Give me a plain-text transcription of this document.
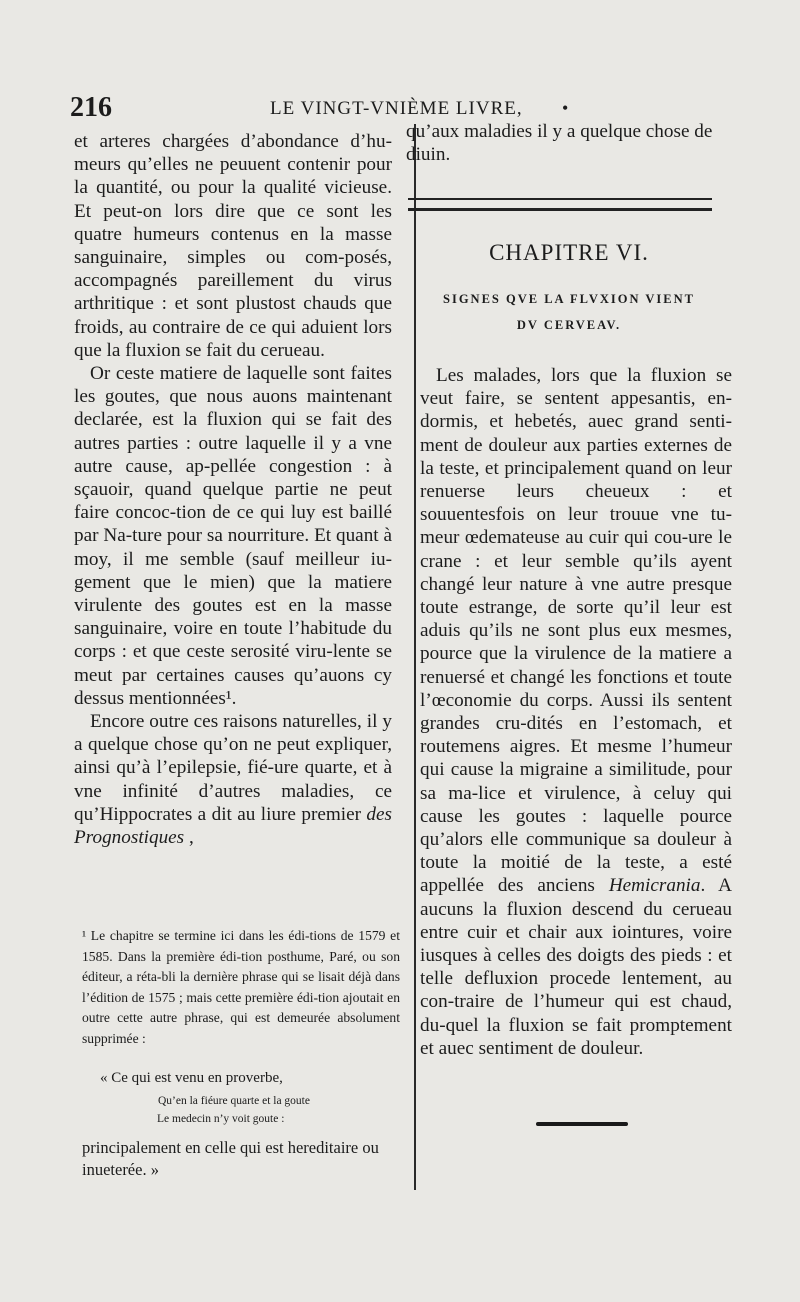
216	LE VINGT-VNIÈME LIVRE, •

et arteres chargées d’abondance d’hu-meurs qu’elles ne peuuent contenir pour la quantité, ou pour la qualité vicieuse. Et peut-on lors dire que ce sont les quatre humeurs contenus en la masse sanguinaire, simples ou com-posés, accompagnés pareillement du virus arthritique : et sont plustost chauds que froids, au contraire de ce qui aduient lors que la fluxion se fait du cerueau.

Or ceste matiere de laquelle sont faites les goutes, que nous auons maintenant declarée, est la fluxion qui se fait des autres parties : outre laquelle il y a vne autre cause, ap-pellée congestion : à sçauoir, quand quelque partie ne peut faire concoc-tion de ce qui luy est baillé par Na-ture pour sa nourriture. Et quant à moy, il me semble (sauf meilleur iu-gement que le mien) que la matiere virulente des goutes est en la masse sanguinaire, voire en toute l’habitude du corps : et que ceste serosité viru-lente se meut par certaines causes qu’auons cy dessus mentionnées¹.

Encore outre ces raisons naturelles, il y a quelque chose qu’on ne peut expliquer, ainsi qu’à l’epilepsie, fié-ure quarte, et à vne infinité d’autres maladies, ce qu’Hippocrates a dit au liure premier des Prognostiques ,

¹ Le chapitre se termine ici dans les édi-tions de 1579 et 1585. Dans la première édi-tion posthume, Paré, ou son éditeur, a réta-bli la dernière phrase qui se lisait déjà dans l’édition de 1575 ; mais cette première édi-tion ajoutait en outre cette autre phrase, qui est demeurée absolument supprimée :

« Ce qui est venu en proverbe,
Qu’en la fiéure quarte et la goute
Le medecin n’y voit goute :
principalement en celle qui est hereditaire ou inueterée. »

qu’aux maladies il y a quelque chose de diuin.

CHAPITRE VI.
SIGNES QVE LA FLVXION VIENT
DV CERVEAV.

Les malades, lors que la fluxion se veut faire, se sentent appesantis, en-dormis, et hebetés, auec grand senti-ment de douleur aux parties externes de la teste, et principalement quand on leur renuerse leurs cheueux : et souuentesfois on leur trouue vne tu-meur œdemateuse au cuir qui cou-ure le crane : et leur semble qu’ils ayent changé leur nature à vne autre presque toute estrange, de sorte qu’il leur est aduis qu’ils ne sont plus eux mesmes, pource que la virulence de la matiere a renuersé et changé les fonctions et toute l’œconomie du corps. Aussi ils sentent grandes cru-dités en l’estomach, et routemens aigres. Et mesme l’humeur qui cause la migraine a similitude, pour sa ma-lice et virulence, à celuy qui cause les goutes : laquelle pource qu’alors elle communique sa douleur à toute la moitié de la teste, a esté appellée des anciens Hemicrania. A aucuns la fluxion descend du cerueau entre cuir et chair aux iointures, voire iusques à celles des doigts des pieds : et telle defluxion procede lentement, au con-traire de l’humeur qui est chaud, du-quel la fluxion se fait promptement et auec sentiment de douleur.
